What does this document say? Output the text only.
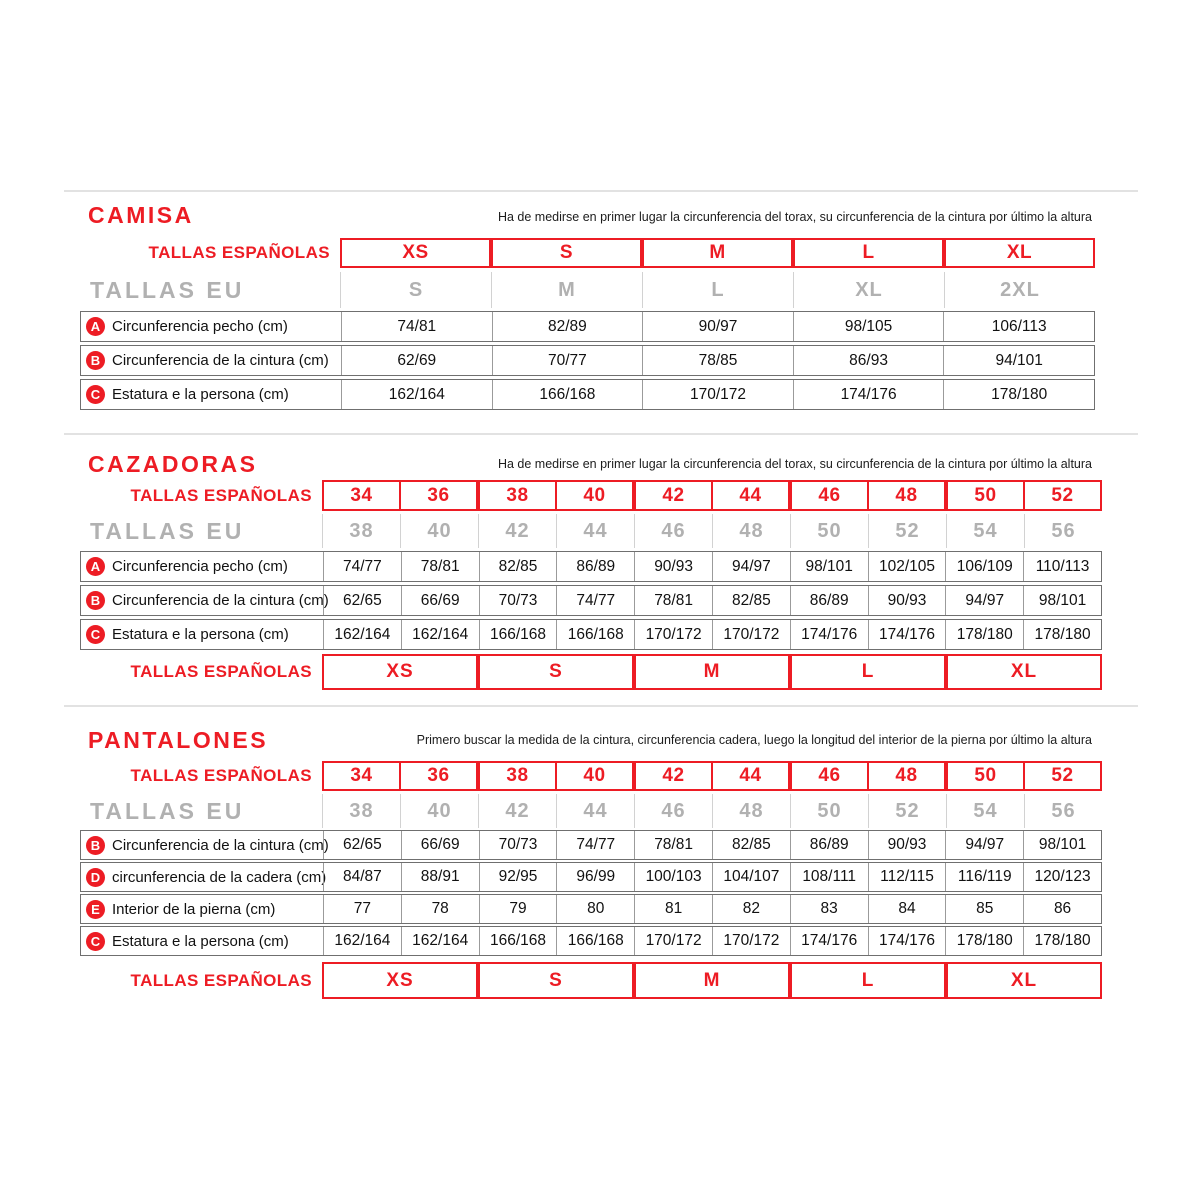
CAMISA	Ha de medirse en primer lugar la circunferencia del torax, su circunferencia de la cintura por último la altura
TALLAS ESPAÑOLAS	XS	S	M	L	XL
TALLAS EU	S	M	L	XL	2XL
A Circunferencia pecho (cm)	74/81	82/89	90/97	98/105	106/113
B Circunferencia de la cintura (cm)	62/69	70/77	78/85	86/93	94/101
C Estatura e la persona (cm)	162/164	166/168	170/172	174/176	178/180
CAZADORAS	Ha de medirse en primer lugar la circunferencia del torax, su circunferencia de la cintura por último la altura
TALLAS ESPAÑOLAS	34	36	38	40	42	44	46	48	50	52
TALLAS EU	38	40	42	44	46	48	50	52	54	56
A Circunferencia pecho (cm)	74/77	78/81	82/85	86/89	90/93	94/97	98/101	102/105	106/109	110/113
B Circunferencia de la cintura (cm) 62/65	66/69	70/73	74/77	78/81	82/85	86/89	90/93	94/97	98/101
C Estatura e la persona (cm)	162/164	162/164	166/168	166/168	170/172	170/172	174/176	174/176	178/180	178/180
TALLAS ESPAÑOLAS	XS	S	M	L	XL
PANTALONES	Primero buscar la medida de la cintura, circunferencia cadera, luego la longitud del interior de la pierna por último la altura
TALLAS ESPAÑOLAS	34	36	38	40	42	44	46	48	50	52
TALLAS EU	38	40	42	44	46	48	50	52	54	56
B Circunferencia de la cintura (cm) 62/65	66/69	70/73	74/77	78/81	82/85	86/89	90/93	94/97	98/101
D circunferencia de la cadera (cm)	84/87	88/91	92/95	96/99	100/103	104/107	108/111	112/115	116/119	120/123
E Interior de la pierna (cm)	77	78	79	80	81	82	83	84	85	86
C Estatura e la persona (cm)	162/164	162/164	166/168	166/168	170/172	170/172	174/176	174/176	178/180	178/180
TALLAS ESPAÑOLAS	XS	S	M	L	XL
